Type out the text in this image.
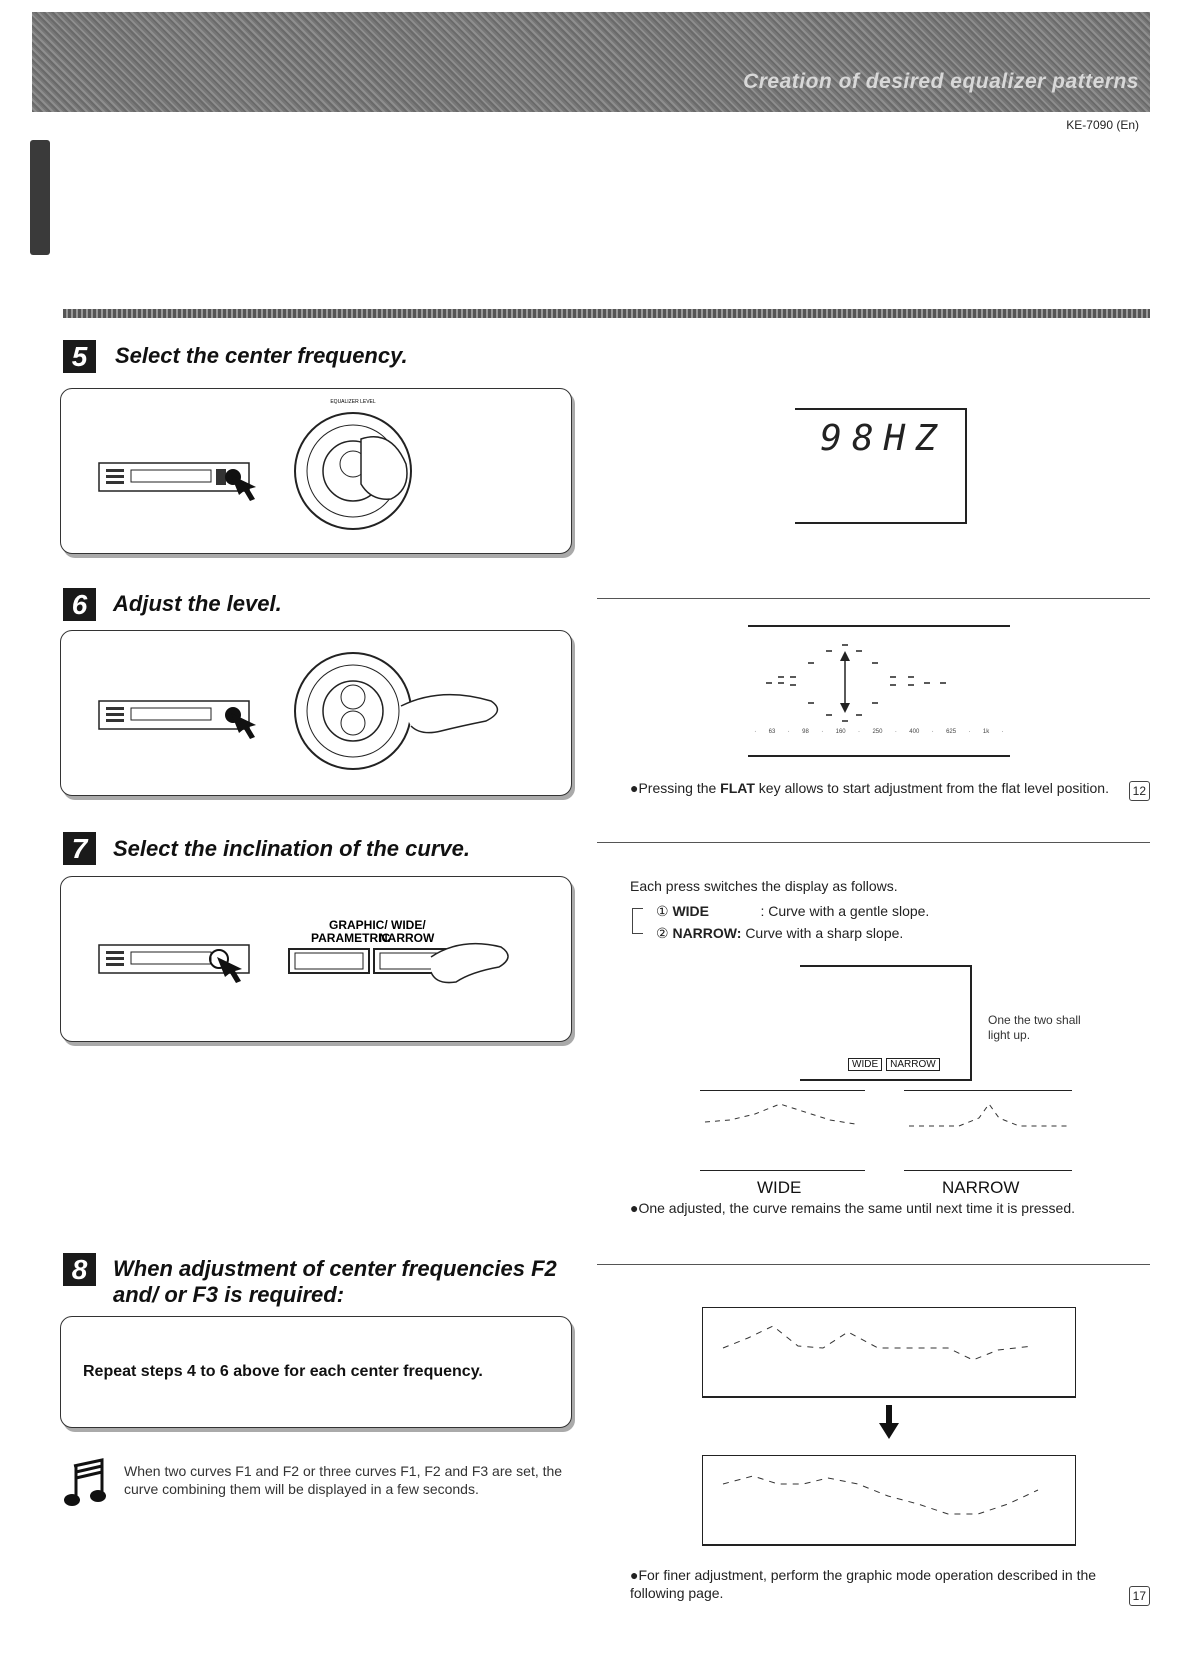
Creation of desired equalizer patterns
KE-7090 (En)
5	Select the center frequency.
EQUALIZER LEVEL
98HZ
6	Adjust the level.
· 63 · 98 · 160 · 250 · 400 · 625 · 1k ·
●Pressing the FLAT key allows to start adjustment from the flat level position.	12
7	Select the inclination of the curve.
GRAPHIC/
PARAMETRIC
WIDE/
NARROW
Each press switches the display as follows.
① WIDE	: Curve with a gentle slope.
② NARROW: Curve with a sharp slope.
WIDE	NARROW
One the two shall light up.
WIDE	NARROW
●One adjusted, the curve remains the same until next time it is pressed.
8	When adjustment of center frequencies F2 and/ or F3 is required:
Repeat steps 4 to 6 above for each center frequency.
When two curves F1 and F2 or three curves F1, F2 and F3 are set, the curve combining them will be displayed in a few seconds.
●For finer adjustment, perform the graphic mode operation described in the following page.	17
